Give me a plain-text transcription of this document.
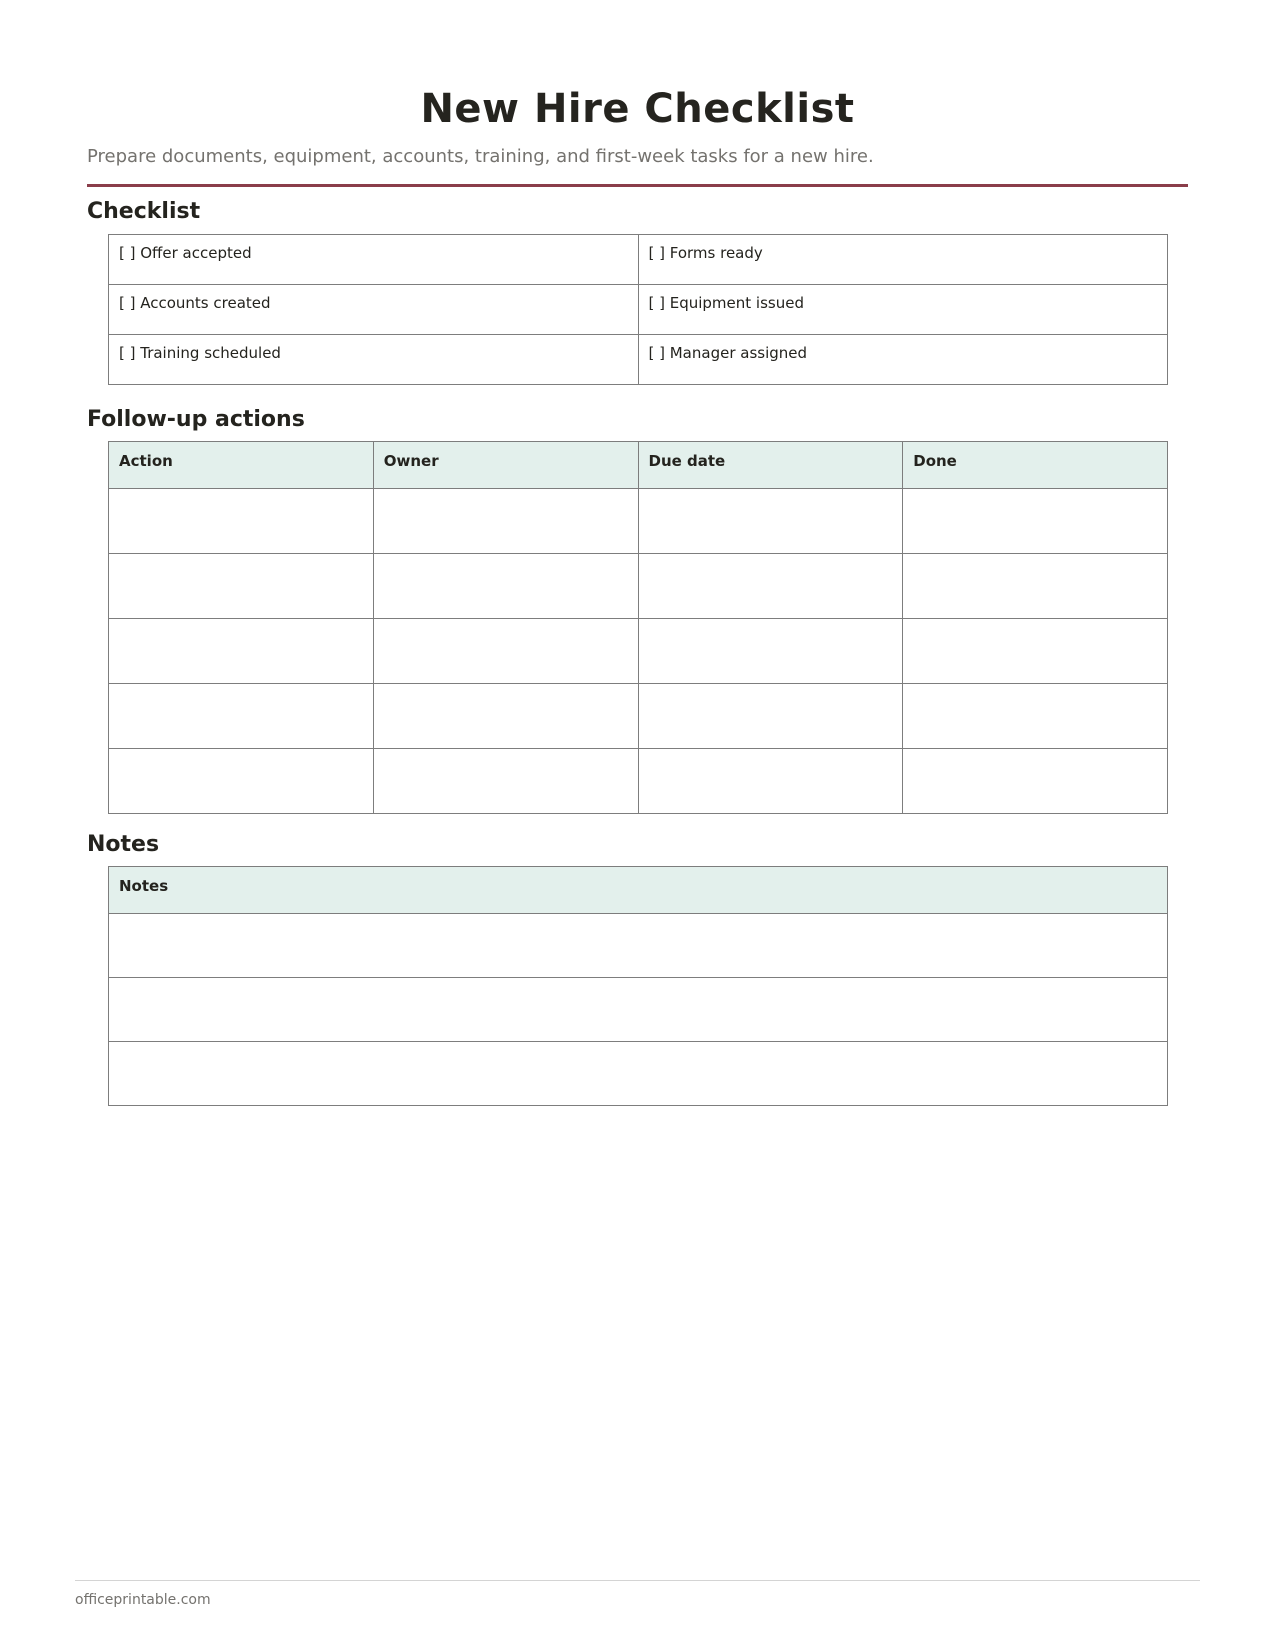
New Hire Checklist

Prepare documents, equipment, accounts, training, and first-week tasks for a new hire.

Checklist
[ ] Offer accepted	[ ] Forms ready
[ ] Accounts created	[ ] Equipment issued
[ ] Training scheduled	[ ] Manager assigned
Follow-up actions
Action	Owner	Due date	Done

Notes
Notes

officeprintable.com
